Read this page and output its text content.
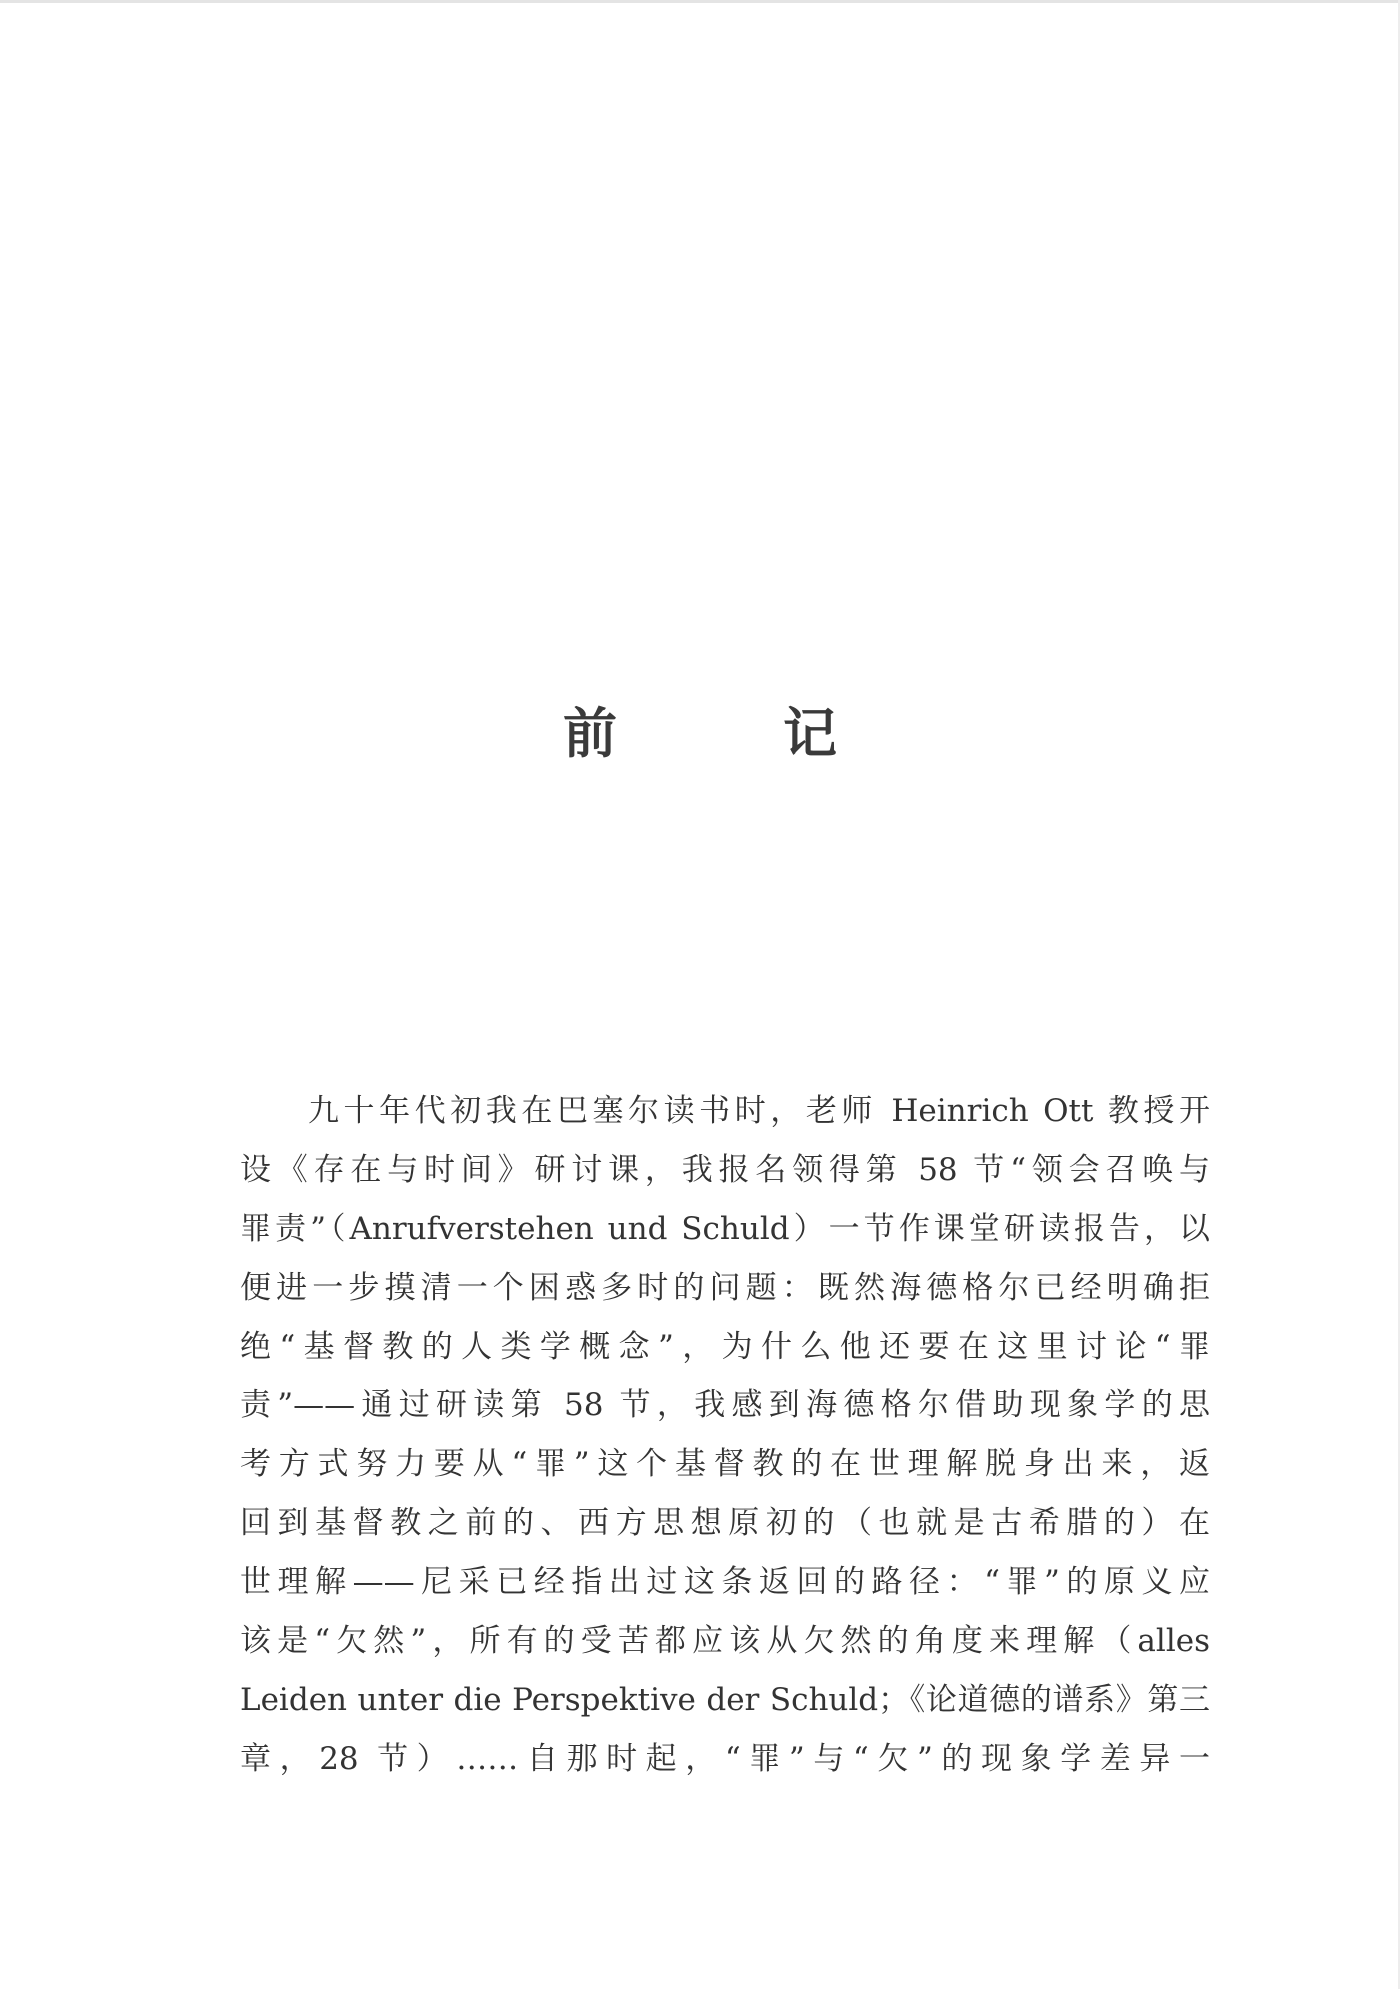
前　记
九十年代初我在巴塞尔读书时，老师 Heinrich Ott 教授开
设《存在与时间》研讨课，我报名领得第 58 节“领会召唤与
罪责”（Anrufverstehen und Schuld）一节作课堂研读报告，以
便进一步摸清一个困惑多时的问题：既然海德格尔已经明确拒
绝“基督教的人类学概念”，为什么他还要在这里讨论“罪
责”——通过研读第 58 节，我感到海德格尔借助现象学的思
考方式努力要从“罪”这个基督教的在世理解脱身出来，返
回到基督教之前的、西方思想原初的（也就是古希腊的）在
世理解——尼采已经指出过这条返回的路径：“罪”的原义应
该是“欠然”，所有的受苦都应该从欠然的角度来理解（alles
Leiden unter die Perspektive der Schuld；《论道德的谱系》第三
章，28 节）……自那时起，“罪”与“欠”的现象学差异一
